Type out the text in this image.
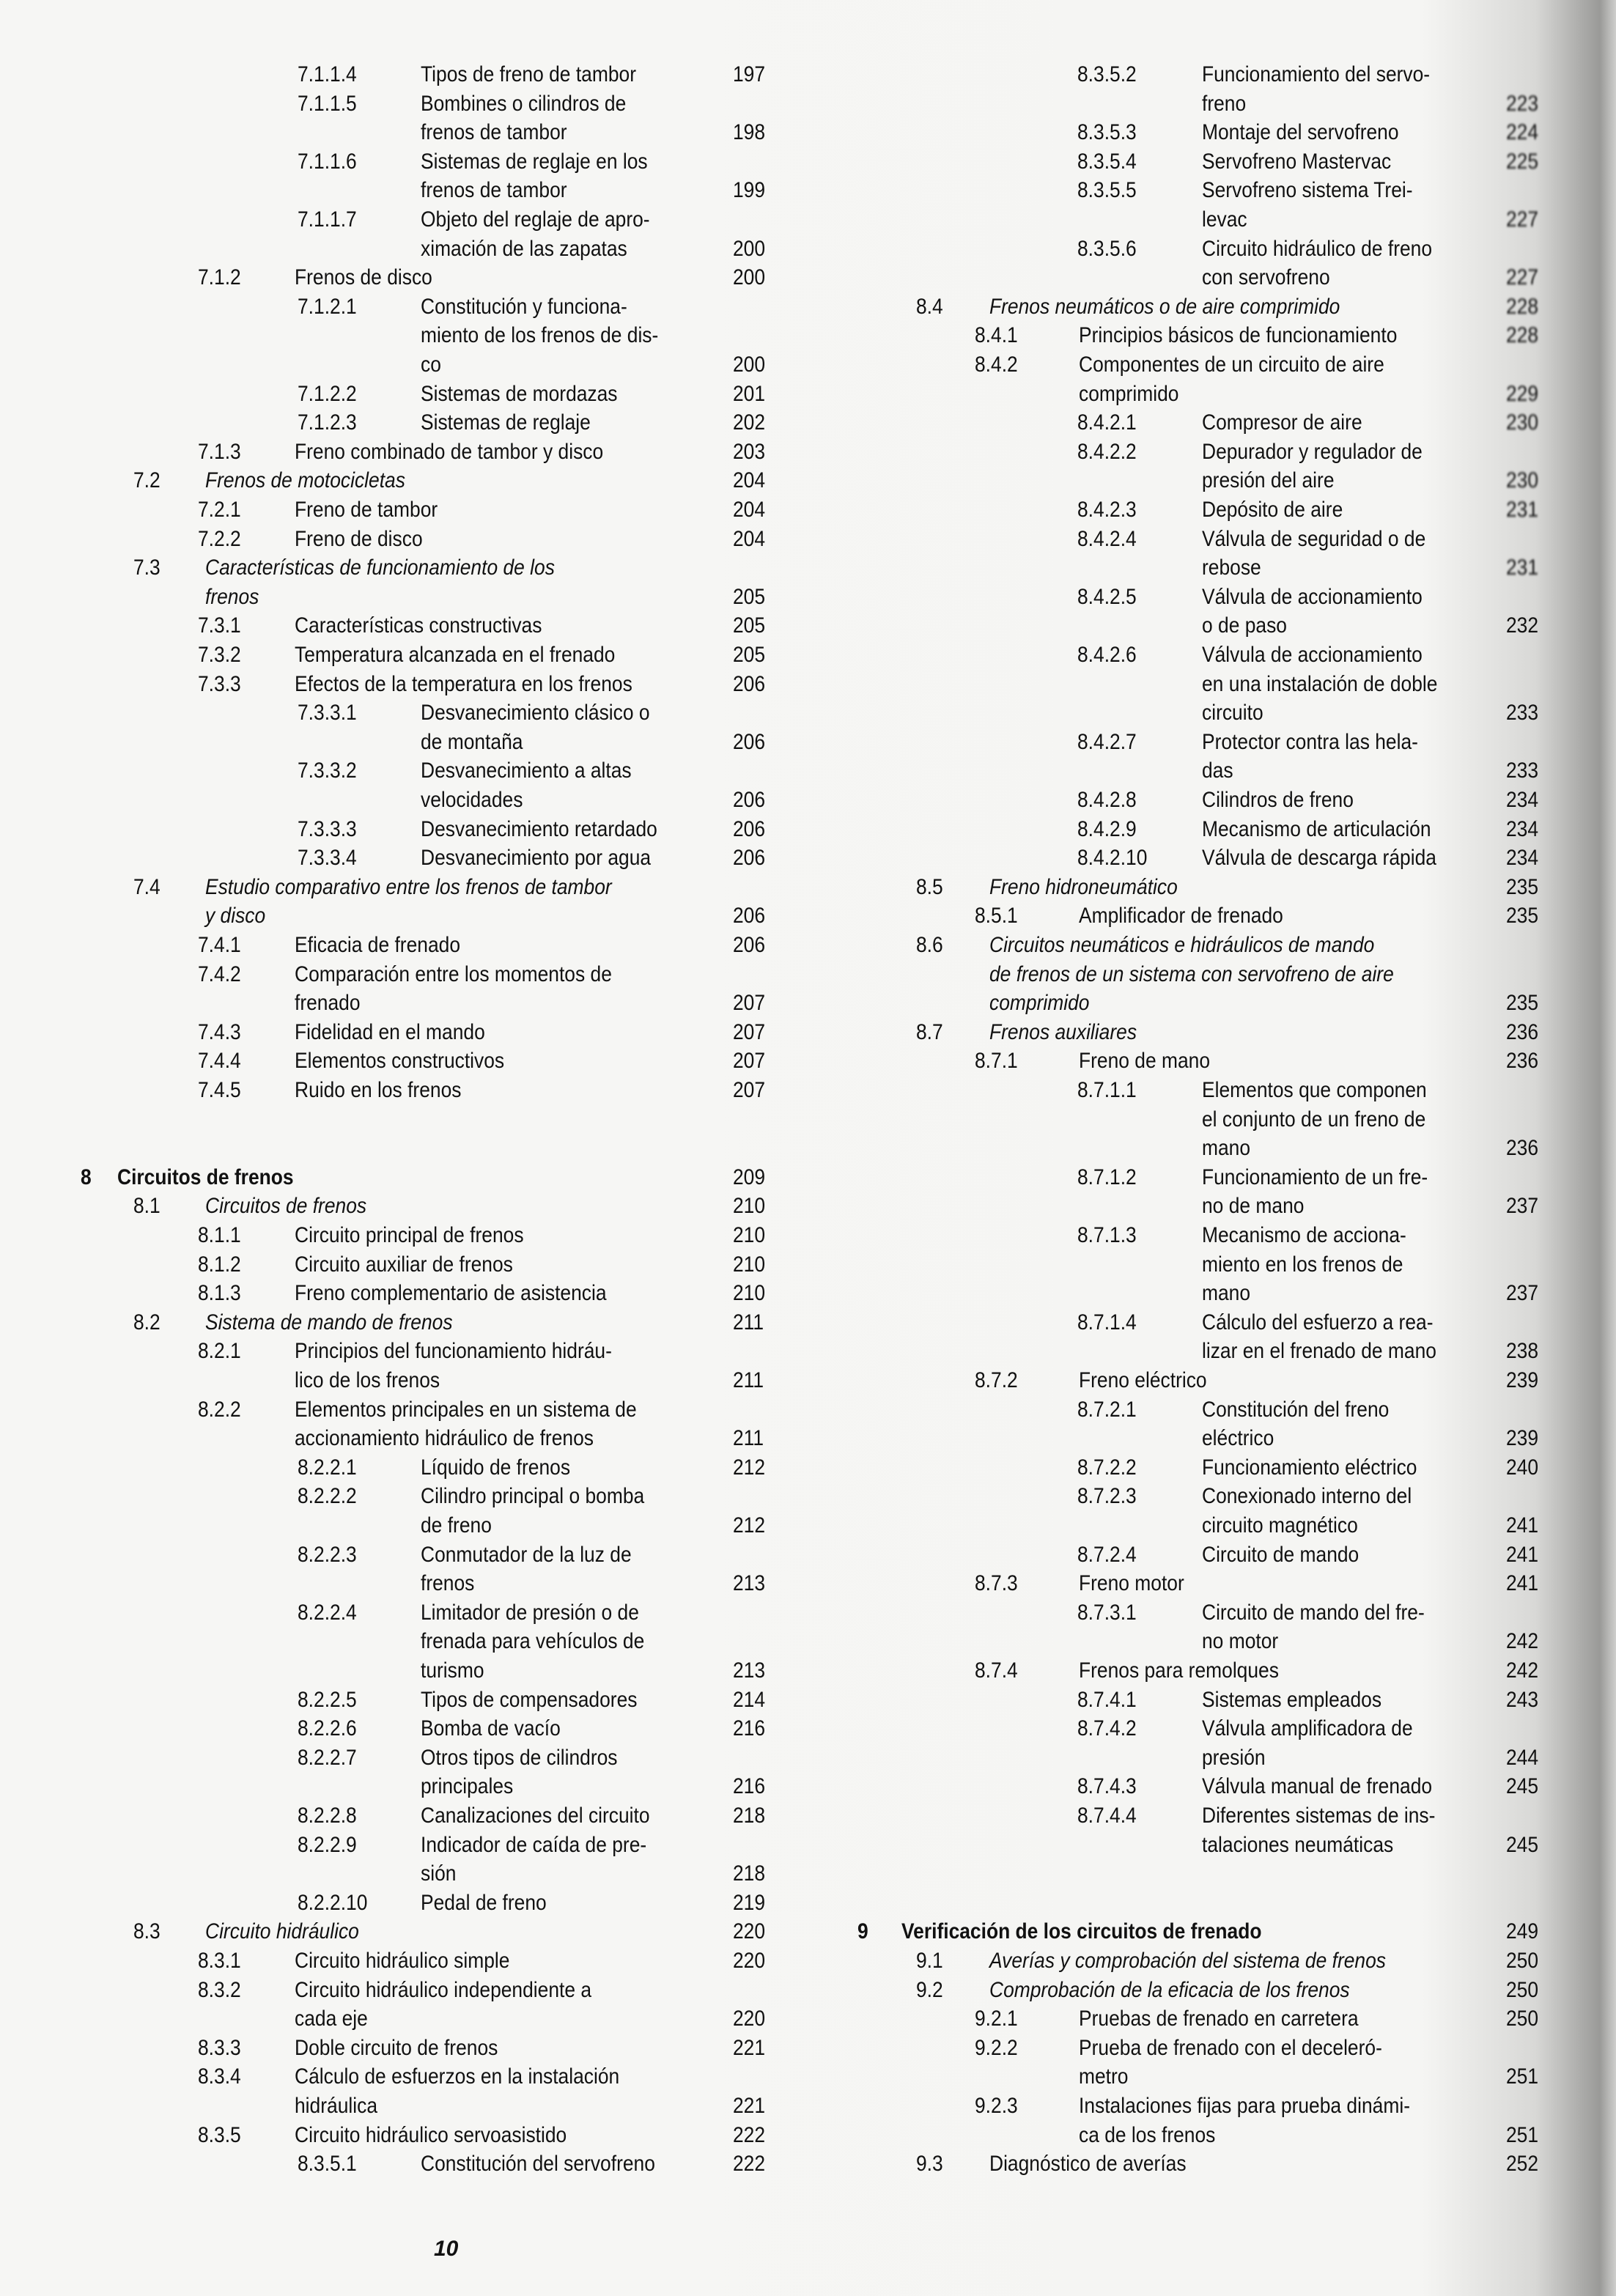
7.1.1.4	Tipos de freno de tambor	197
7.1.1.5	Bombines o cilindros de
frenos de tambor	198
7.1.1.6	Sistemas de reglaje en los
frenos de tambor	199
7.1.1.7	Objeto del reglaje de apro-
ximación de las zapatas	200
7.1.2 Frenos de disco	200
7.1.2.1	Constitución y funciona-
miento de los frenos de dis-
co	200
7.1.2.2	Sistemas de mordazas	201
7.1.2.3	Sistemas de reglaje	202
7.1.3 Freno combinado de tambor y disco	203
7.2 Frenos de motocicletas	204
7.2.1 Freno de tambor	204
7.2.2 Freno de disco	204
7.3 Características de funcionamiento de los
frenos	205
7.3.1 Características constructivas	205
7.3.2 Temperatura alcanzada en el frenado	205
7.3.3 Efectos de la temperatura en los frenos	206
7.3.3.1	Desvanecimiento clásico o
de montaña	206
7.3.3.2	Desvanecimiento a altas
velocidades	206
7.3.3.3	Desvanecimiento retardado	206
7.3.3.4	Desvanecimiento por agua	206
7.4 Estudio comparativo entre los frenos de tambor
y disco	206
7.4.1 Eficacia de frenado	206
7.4.2 Comparación entre los momentos de
frenado	207
7.4.3 Fidelidad en el mando	207
7.4.4 Elementos constructivos	207
7.4.5 Ruido en los frenos	207
8 Circuitos de frenos	209
8.1 Circuitos de frenos	210
8.1.1 Circuito principal de frenos	210
8.1.2 Circuito auxiliar de frenos	210
8.1.3 Freno complementario de asistencia	210
8.2 Sistema de mando de frenos	211
8.2.1 Principios del funcionamiento hidráu-
lico de los frenos	211
8.2.2 Elementos principales en un sistema de
accionamiento hidráulico de frenos	211
8.2.2.1	Líquido de frenos	212
8.2.2.2	Cilindro principal o bomba
de freno	212
8.2.2.3	Conmutador de la luz de
frenos	213
8.2.2.4	Limitador de presión o de
frenada para vehículos de
turismo	213
8.2.2.5	Tipos de compensadores	214
8.2.2.6	Bomba de vacío	216
8.2.2.7	Otros tipos de cilindros
principales	216
8.2.2.8	Canalizaciones del circuito	218
8.2.2.9	Indicador de caída de pre-
sión	218
8.2.2.10 Pedal de freno	219
8.3 Circuito hidráulico	220
8.3.1 Circuito hidráulico simple	220
8.3.2 Circuito hidráulico independiente a
cada eje	220
8.3.3 Doble circuito de frenos	221
8.3.4 Cálculo de esfuerzos en la instalación
hidráulica	221
8.3.5 Circuito hidráulico servoasistido	222
8.3.5.1	Constitución del servofreno	222
8.3.5.2	Funcionamiento del servo-
freno	223
8.3.5.3	Montaje del servofreno	224
8.3.5.4	Servofreno Mastervac	225
8.3.5.5	Servofreno sistema Trei-
levac	227
8.3.5.6	Circuito hidráulico de freno
con servofreno	227
8.4 Frenos neumáticos o de aire comprimido	228
8.4.1	Principios básicos de funcionamiento	228
8.4.2	Componentes de un circuito de aire
comprimido	229
8.4.2.1	Compresor de aire	230
8.4.2.2	Depurador y regulador de
presión del aire	230
8.4.2.3	Depósito de aire	231
8.4.2.4	Válvula de seguridad o de
rebose	231
8.4.2.5	Válvula de accionamiento
o de paso	232
8.4.2.6	Válvula de accionamiento
en una instalación de doble
circuito	233
8.4.2.7	Protector contra las hela-
das	233
8.4.2.8	Cilindros de freno	234
8.4.2.9	Mecanismo de articulación	234
8.4.2.10 Válvula de descarga rápida	234
8.5 Freno hidroneumático	235
8.5.1	Amplificador de frenado	235
8.6 Circuitos neumáticos e hidráulicos de mando
de frenos de un sistema con servofreno de aire
comprimido	235
8.7 Frenos auxiliares	236
8.7.1	Freno de mano	236
8.7.1.1	Elementos que componen
el conjunto de un freno de
mano	236
8.7.1.2	Funcionamiento de un fre-
no de mano	237
8.7.1.3	Mecanismo de acciona-
miento en los frenos de
mano	237
8.7.1.4	Cálculo del esfuerzo a rea-
lizar en el frenado de mano	238
8.7.2	Freno eléctrico	239
8.7.2.1	Constitución del freno
eléctrico	239
8.7.2.2	Funcionamiento eléctrico	240
8.7.2.3	Conexionado interno del
circuito magnético	241
8.7.2.4	Circuito de mando	241
8.7.3	Freno motor	241
8.7.3.1	Circuito de mando del fre-
no motor	242
8.7.4	Frenos para remolques	242
8.7.4.1	Sistemas empleados	243
8.7.4.2	Válvula amplificadora de
presión	244
8.7.4.3	Válvula manual de frenado	245
8.7.4.4	Diferentes sistemas de ins-
talaciones neumáticas	245
9 Verificación de los circuitos de frenado	249
9.1 Averías y comprobación del sistema de frenos	250
9.2 Comprobación de la eficacia de los frenos	250
9.2.1	Pruebas de frenado en carretera	250
9.2.2	Prueba de frenado con el deceleró-
metro	251
9.2.3	Instalaciones fijas para prueba dinámi-
ca de los frenos	251
9.3 Diagnóstico de averías	252
10
